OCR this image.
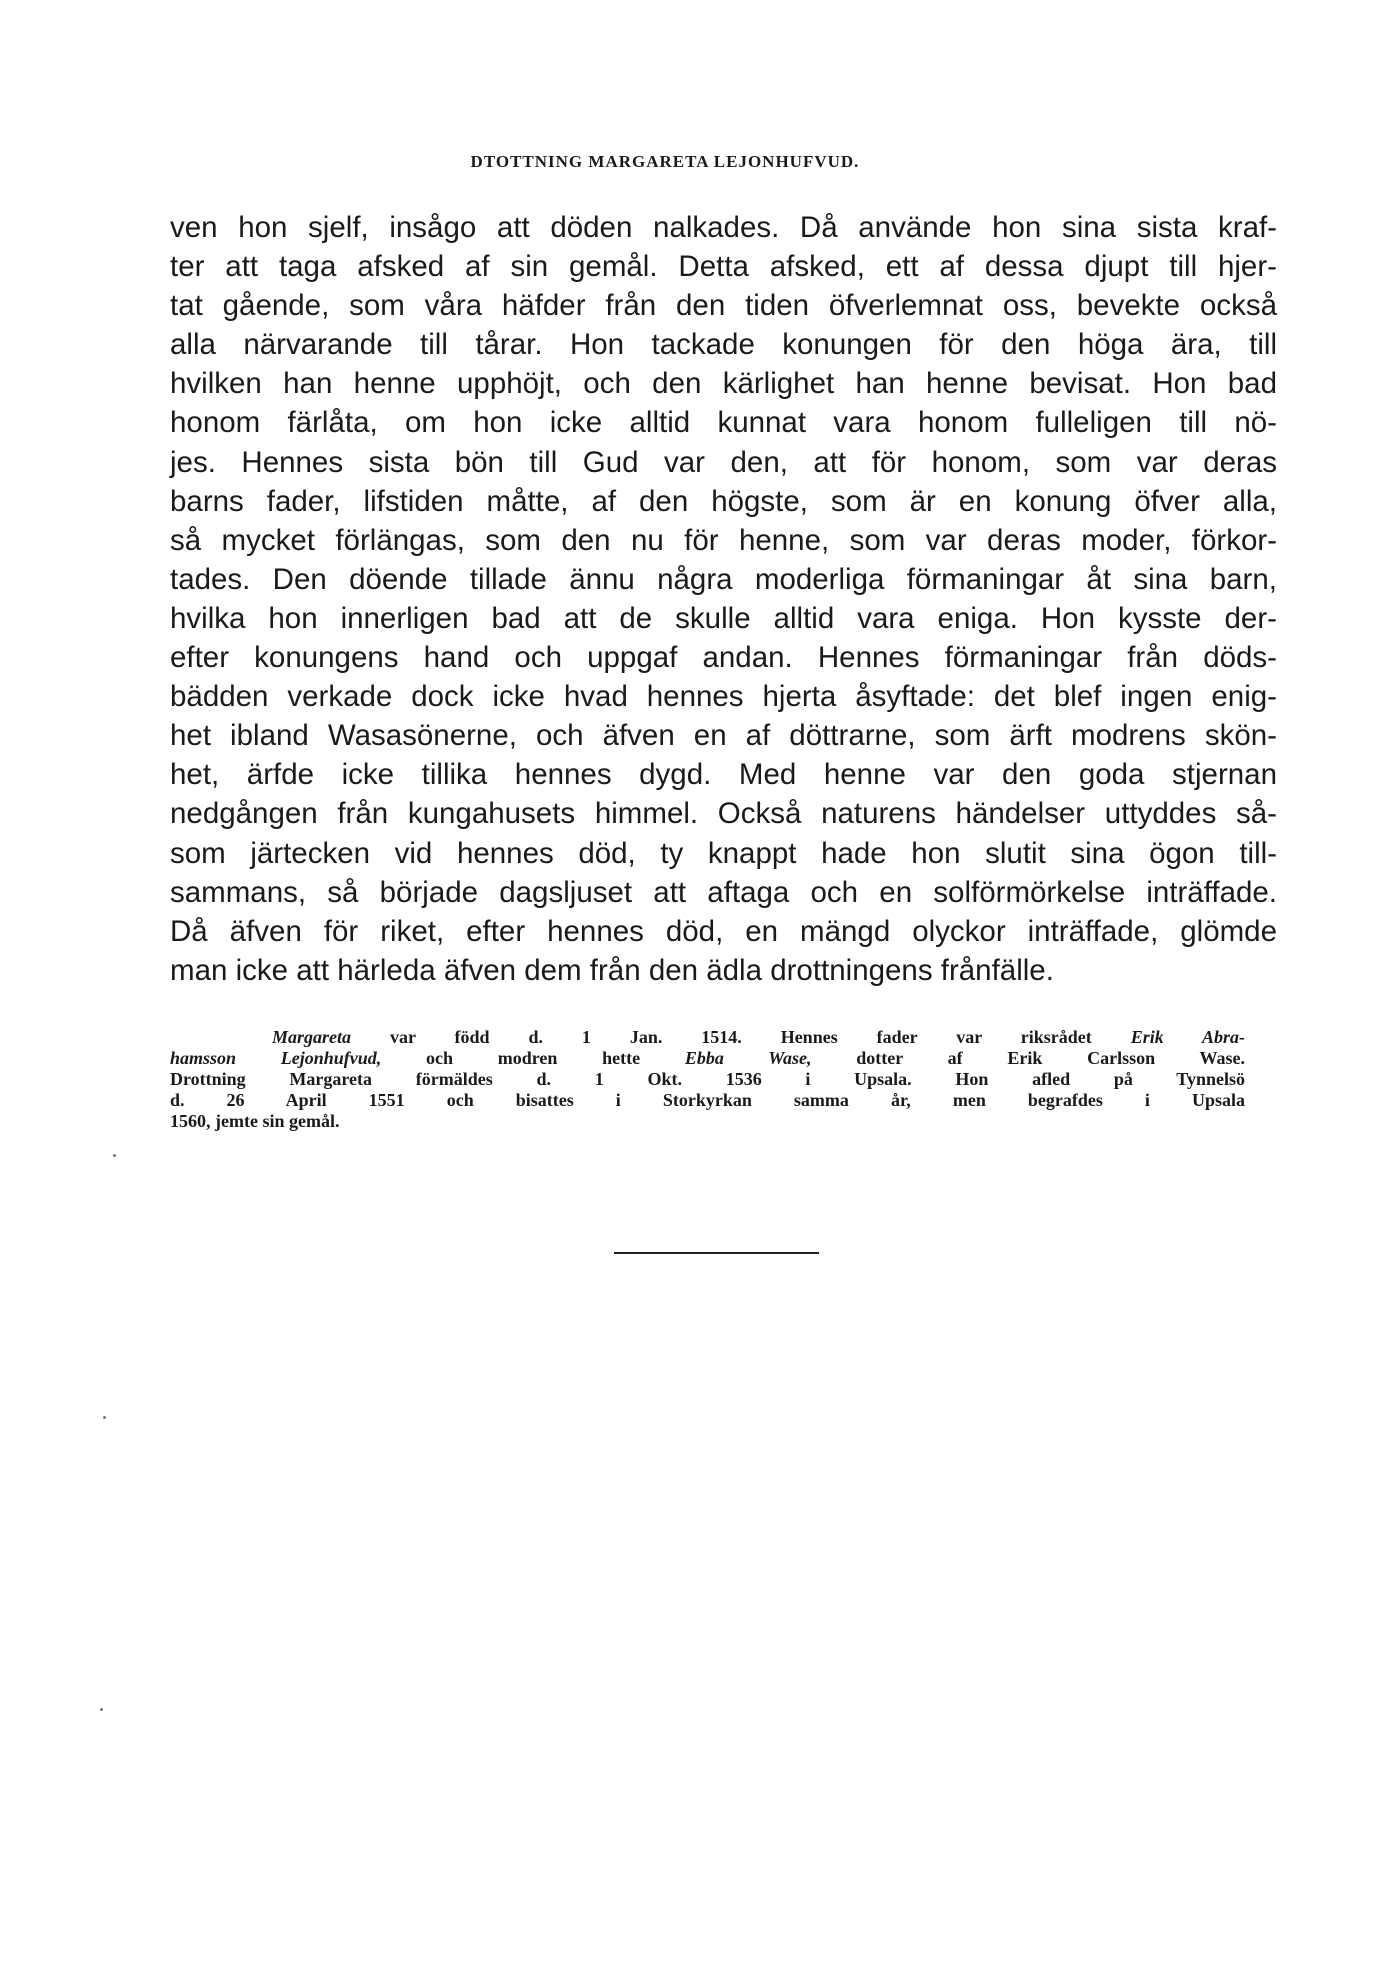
DTOTTNING MARGARETA LEJONHUFVUD.
ven hon sjelf, insågo att döden nalkades. Då använde hon sina sista kraf-
ter att taga afsked af sin gemål. Detta afsked, ett af dessa djupt till hjer-
tat gående, som våra häfder från den tiden öfverlemnat oss, bevekte också
alla närvarande till tårar. Hon tackade konungen för den höga ära, till
hvilken han henne upphöjt, och den kärlighet han henne bevisat. Hon bad
honom färlåta, om hon icke alltid kunnat vara honom fulleligen till nö-
jes. Hennes sista bön till Gud var den, att för honom, som var deras
barns fader, lifstiden måtte, af den högste, som är en konung öfver alla,
så mycket förlängas, som den nu för henne, som var deras moder, förkor-
tades. Den döende tillade ännu några moderliga förmaningar åt sina barn,
hvilka hon innerligen bad att de skulle alltid vara eniga. Hon kysste der-
efter konungens hand och uppgaf andan. Hennes förmaningar från döds-
bädden verkade dock icke hvad hennes hjerta åsyftade: det blef ingen enig-
het ibland Wasasönerne, och äfven en af döttrarne, som ärft modrens skön-
het, ärfde icke tillika hennes dygd. Med henne var den goda stjernan
nedgången från kungahusets himmel. Också naturens händelser uttyddes så-
som järtecken vid hennes död, ty knappt hade hon slutit sina ögon till-
sammans, så började dagsljuset att aftaga och en solförmörkelse inträffade.
Då äfven för riket, efter hennes död, en mängd olyckor inträffade, glömde
man icke att härleda äfven dem från den ädla drottningens frånfälle.
Margareta var född d. 1 Jan. 1514. Hennes fader var riksrådet Erik Abra-
hamsson Lejonhufvud, och modren hette Ebba Wase, dotter af Erik Carlsson Wase.
Drottning Margareta förmäldes d. 1 Okt. 1536 i Upsala. Hon afled på Tynnelsö
d. 26 April 1551 och bisattes i Storkyrkan samma år, men begrafdes i Upsala
1560, jemte sin gemål.
